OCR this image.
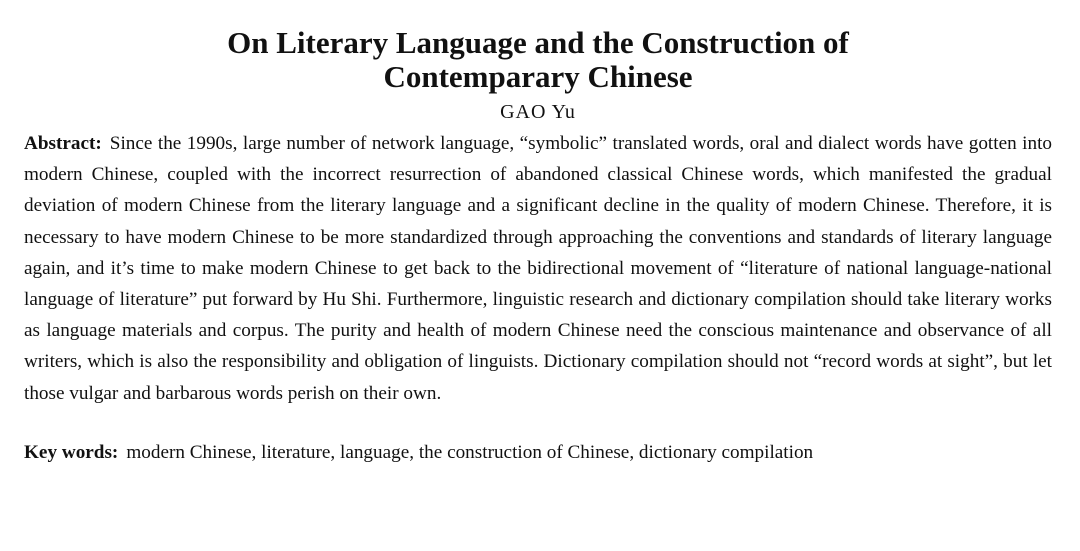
On Literary Language and the Construction of
Contemparary Chinese
GAO Yu
Abstract: Since the 1990s, large number of network language, “symbolic” translated words, oral and dialect words have gotten into modern Chinese, coupled with the incorrect resurrection of abandoned classical Chinese words, which manifested the gradual deviation of modern Chinese from the literary language and a significant decline in the quality of modern Chinese. Therefore, it is necessary to have modern Chinese to be more standardized through approaching the conventions and standards of literary language again, and it’s time to make modern Chinese to get back to the bidirectional movement of “literature of national language-national language of literature” put forward by Hu Shi. Furthermore, linguistic research and dictionary compilation should take literary works as language materials and corpus. The purity and health of modern Chinese need the conscious maintenance and observance of all writers, which is also the responsibility and obligation of linguists. Dictionary compilation should not “record words at sight”, but let those vulgar and barbarous words perish on their own.
Key words: modern Chinese, literature, language, the construction of Chinese, dictionary compilation
